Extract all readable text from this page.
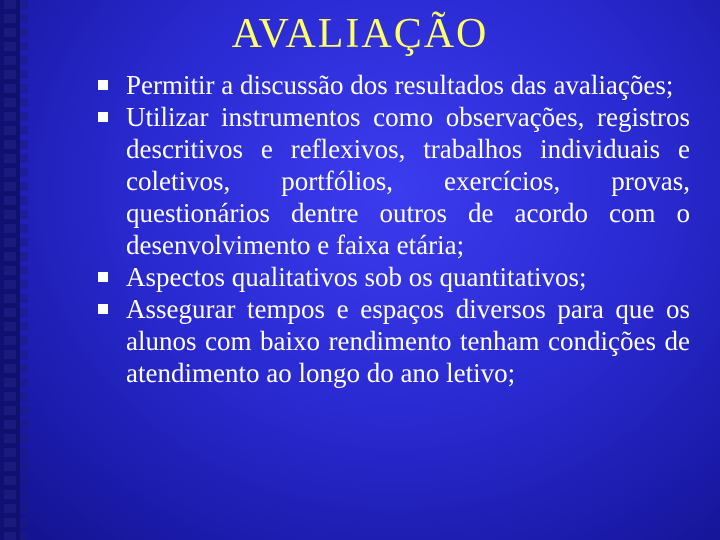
AVALIAÇÃO
Permitir a discussão dos resultados das avaliações;
Utilizar instrumentos como observações, registros descritivos e reflexivos, trabalhos individuais e coletivos, portfólios, exercícios, provas, questionários dentre outros de acordo com o desenvolvimento e faixa etária;
Aspectos qualitativos sob os quantitativos;
Assegurar tempos e espaços diversos para que os alunos com baixo rendimento tenham condições de atendimento ao longo do ano letivo;
